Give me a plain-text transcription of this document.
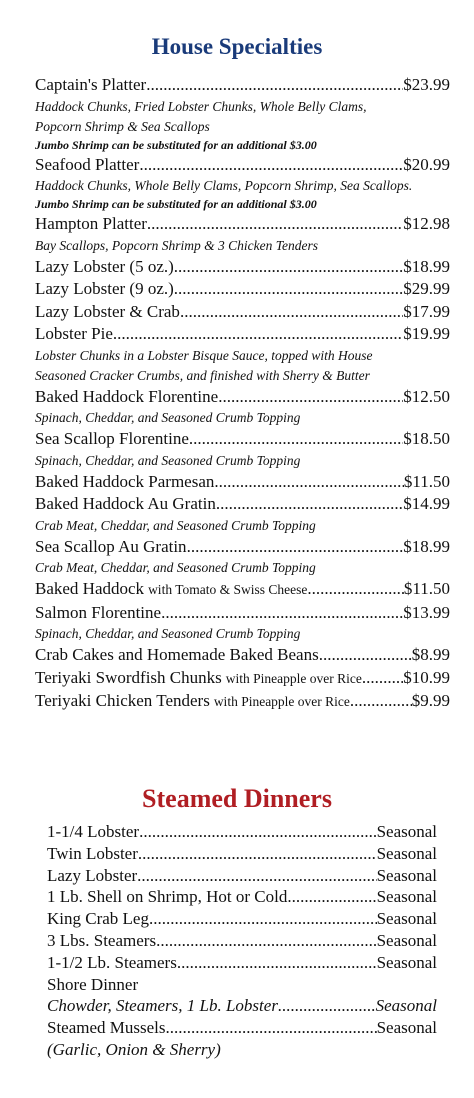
House Specialties
Captain's Platter .....	$23.99
Haddock Chunks, Fried Lobster Chunks, Whole Belly Clams,
Popcorn Shrimp & Sea Scallops
Jumbo Shrimp can be substituted for an additional $3.00
Seafood Platter .....	$20.99
Haddock Chunks, Whole Belly Clams, Popcorn Shrimp, Sea Scallops.
Jumbo Shrimp can be substituted for an additional $3.00
Hampton Platter .....	$12.98
Bay Scallops, Popcorn Shrimp & 3 Chicken Tenders
Lazy Lobster (5 oz.) .....	$18.99
Lazy Lobster (9 oz.) .....	$29.99
Lazy Lobster & Crab .....	$17.99
Lobster Pie .....	$19.99
Lobster Chunks in a Lobster Bisque Sauce, topped with House
Seasoned Cracker Crumbs, and finished with Sherry & Butter
Baked Haddock Florentine .....	$12.50
Spinach, Cheddar, and Seasoned Crumb Topping
Sea Scallop Florentine .....	$18.50
Spinach, Cheddar, and Seasoned Crumb Topping
Baked Haddock Parmesan .....	$11.50
Baked Haddock Au Gratin .....	$14.99
Crab Meat, Cheddar, and Seasoned Crumb Topping
Sea Scallop Au Gratin .....	$18.99
Crab Meat, Cheddar, and Seasoned Crumb Topping
Baked Haddock with Tomato & Swiss Cheese .....	$11.50
Salmon Florentine .....	$13.99
Spinach, Cheddar, and Seasoned Crumb Topping
Crab Cakes and Homemade Baked Beans .....	$8.99
Teriyaki Swordfish Chunks with Pineapple over Rice ..... $10.99
Teriyaki Chicken Tenders with Pineapple over Rice .....	$9.99
Steamed Dinners
1-1/4 Lobster .....	Seasonal
Twin Lobster .....	Seasonal
Lazy Lobster .....	Seasonal
1 Lb. Shell on Shrimp, Hot or Cold .....	Seasonal
King Crab Leg .....	Seasonal
3 Lbs. Steamers .....	Seasonal
1-1/2 Lb. Steamers .....	Seasonal
Shore Dinner
Chowder, Steamers, 1 Lb. Lobster .....	Seasonal
Steamed Mussels .....	Seasonal
(Garlic, Onion & Sherry)
